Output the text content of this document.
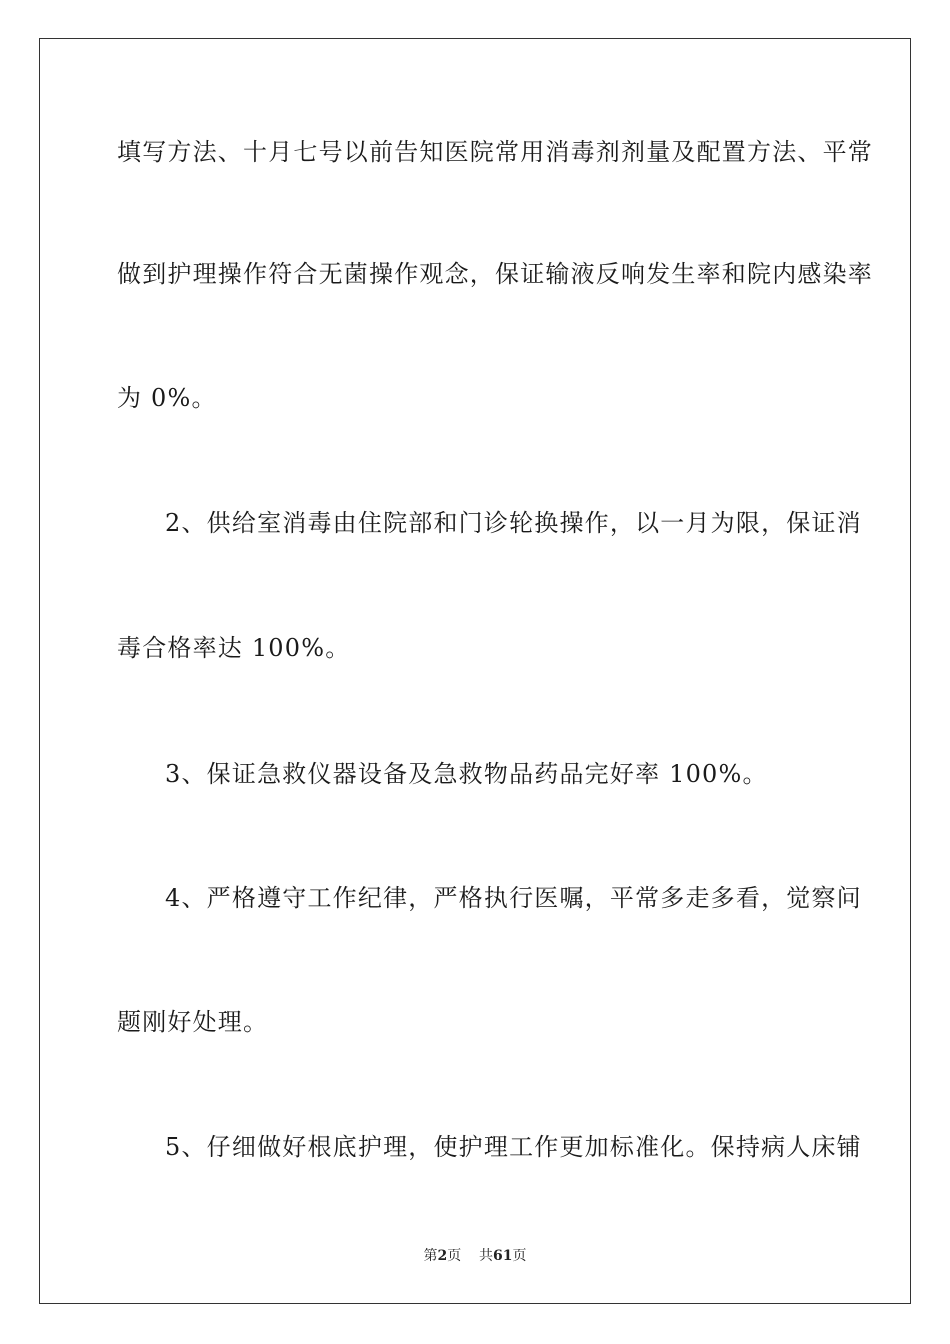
填写方法、十月七号以前告知医院常用消毒剂剂量及配置方法、平常
做到护理操作符合无菌操作观念，保证输液反响发生率和院内感染率
为 0%。
2、供给室消毒由住院部和门诊轮换操作，以一月为限，保证消
毒合格率达 100%。
3、保证急救仪器设备及急救物品药品完好率 100%。
4、严格遵守工作纪律，严格执行医嘱，平常多走多看，觉察问
题刚好处理。
5、仔细做好根底护理，使护理工作更加标准化。保持病人床铺
第2页 共61页
